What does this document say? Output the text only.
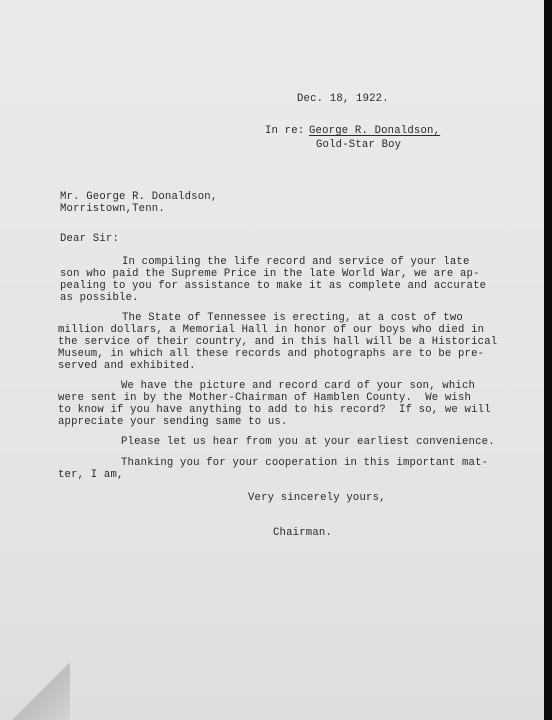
Dec. 18, 1922.
In re: George R. Donaldson,
Gold-Star Boy
Mr. George R. Donaldson,
Morristown,Tenn.
Dear Sir:
In compiling the life record and service of your late
son who paid the Supreme Price in the late World War, we are ap-
pealing to you for assistance to make it as complete and accurate
as possible.
The State of Tennessee is erecting, at a cost of two
million dollars, a Memorial Hall in honor of our boys who died in
the service of their country, and in this hall will be a Historical
Museum, in which all these records and photographs are to be pre-
served and exhibited.
We have the picture and record card of your son, which
were sent in by the Mother-Chairman of Hamblen County.  We wish
to know if you have anything to add to his record?  If so, we will
appreciate your sending same to us.
Please let us hear from you at your earliest convenience.
Thanking you for your cooperation in this important mat-
ter, I am,
Very sincerely yours,
Chairman.
